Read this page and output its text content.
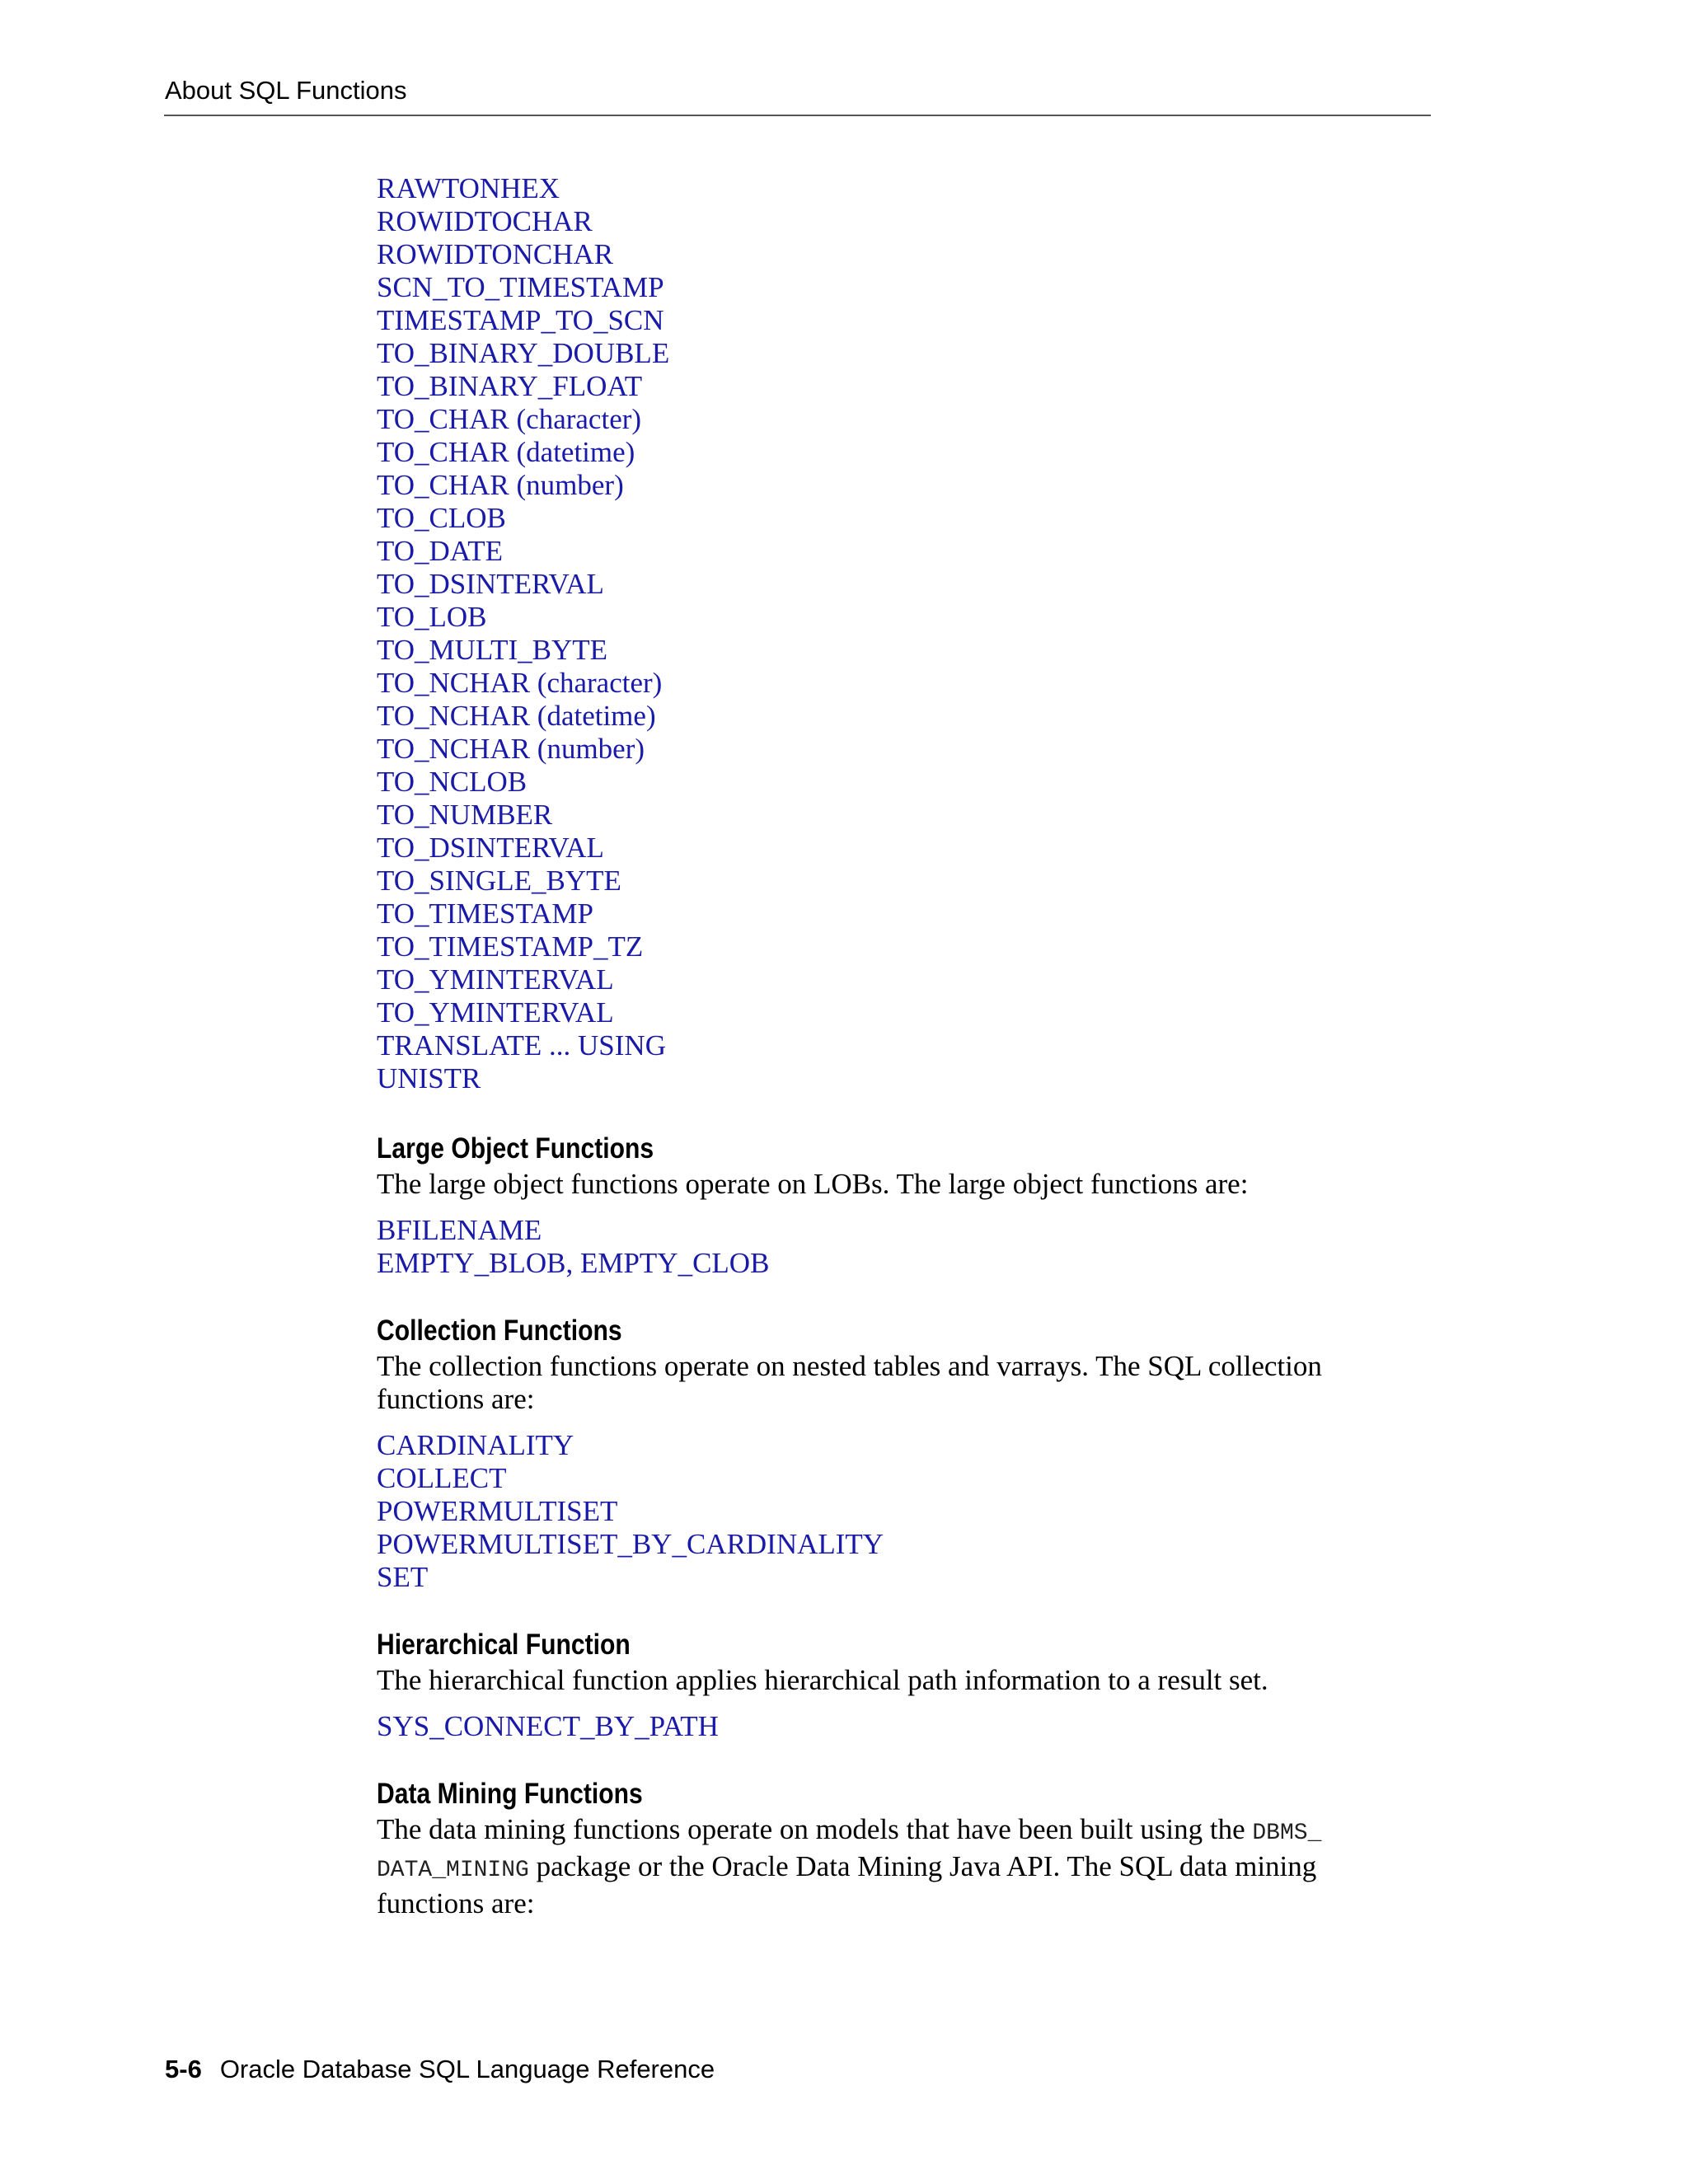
About SQL Functions
RAWTONHEX
ROWIDTOCHAR
ROWIDTONCHAR
SCN_TO_TIMESTAMP
TIMESTAMP_TO_SCN
TO_BINARY_DOUBLE
TO_BINARY_FLOAT
TO_CHAR (character)
TO_CHAR (datetime)
TO_CHAR (number)
TO_CLOB
TO_DATE
TO_DSINTERVAL
TO_LOB
TO_MULTI_BYTE
TO_NCHAR (character)
TO_NCHAR (datetime)
TO_NCHAR (number)
TO_NCLOB
TO_NUMBER
TO_DSINTERVAL
TO_SINGLE_BYTE
TO_TIMESTAMP
TO_TIMESTAMP_TZ
TO_YMINTERVAL
TO_YMINTERVAL
TRANSLATE ... USING
UNISTR
Large Object Functions

The large object functions operate on LOBs. The large object functions are:

BFILENAME
EMPTY_BLOB, EMPTY_CLOB
Collection Functions

The collection functions operate on nested tables and varrays. The SQL collection functions are:

CARDINALITY
COLLECT
POWERMULTISET
POWERMULTISET_BY_CARDINALITY
SET
Hierarchical Function

The hierarchical function applies hierarchical path information to a result set.

SYS_CONNECT_BY_PATH
Data Mining Functions

The data mining functions operate on models that have been built using the DBMS_
DATA_MINING package or the Oracle Data Mining Java API. The SQL data mining functions are:

5-6 Oracle Database SQL Language Reference
